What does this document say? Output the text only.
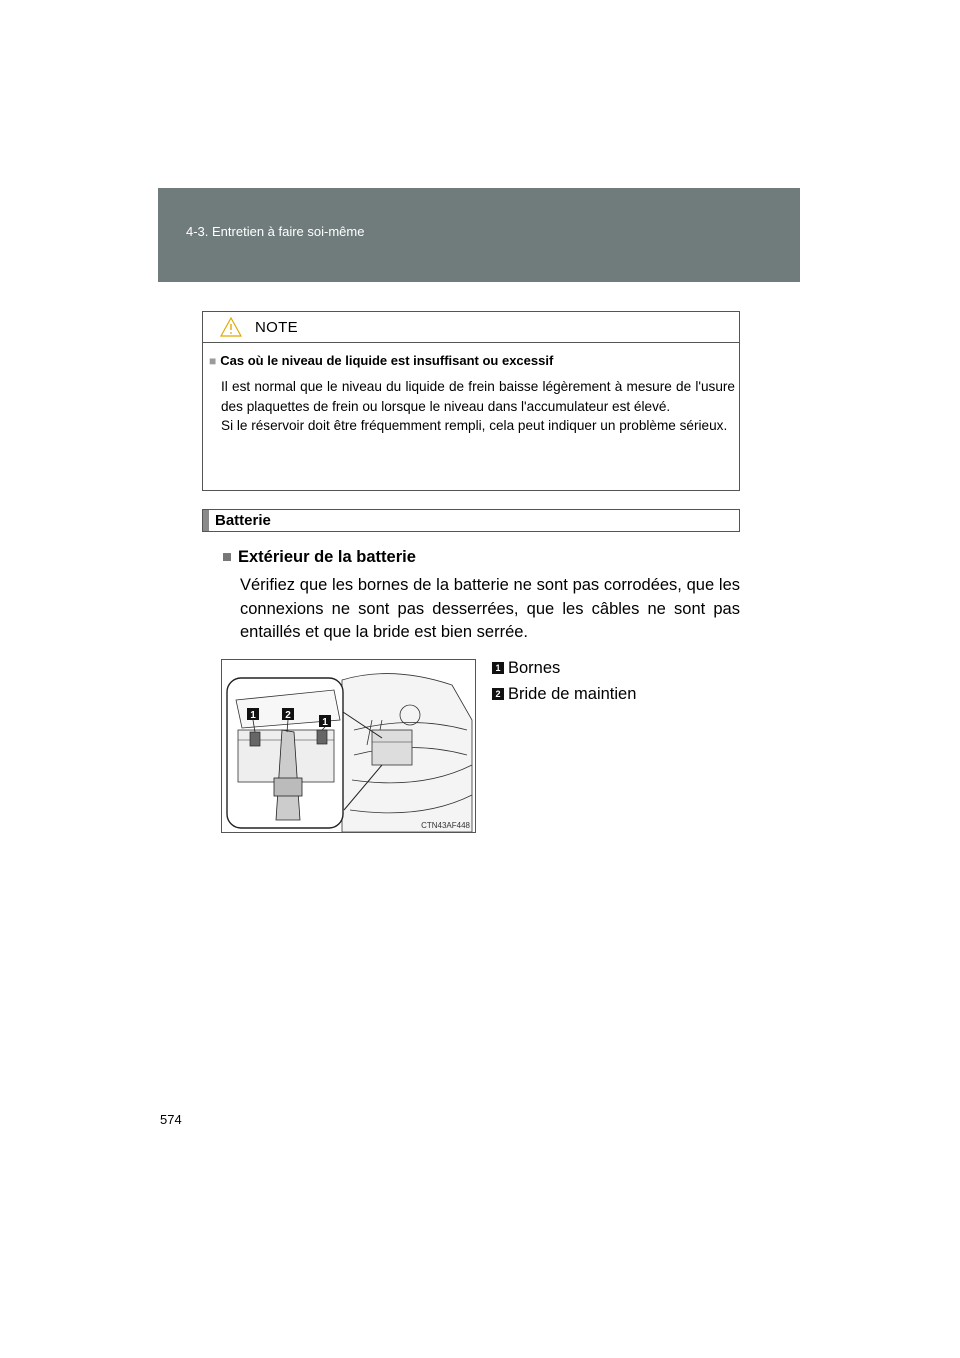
4-3. Entretien à faire soi-même
NOTE
■ Cas où le niveau de liquide est insuffisant ou excessif

Il est normal que le niveau du liquide de frein baisse légèrement à mesure de l'usure des plaquettes de frein ou lorsque le niveau dans l'accumulateur est élevé.

Si le réservoir doit être fréquemment rempli, cela peut indiquer un problème sérieux.

Batterie
■ Extérieur de la batterie

Vérifiez que les bornes de la batterie ne sont pas corrodées, que les connexions ne sont pas desserrées, que les câbles ne sont pas entaillés et que la bride est bien serrée.

1	2
1
CTN43AF448
1 Bornes
2 Bride de maintien
574
